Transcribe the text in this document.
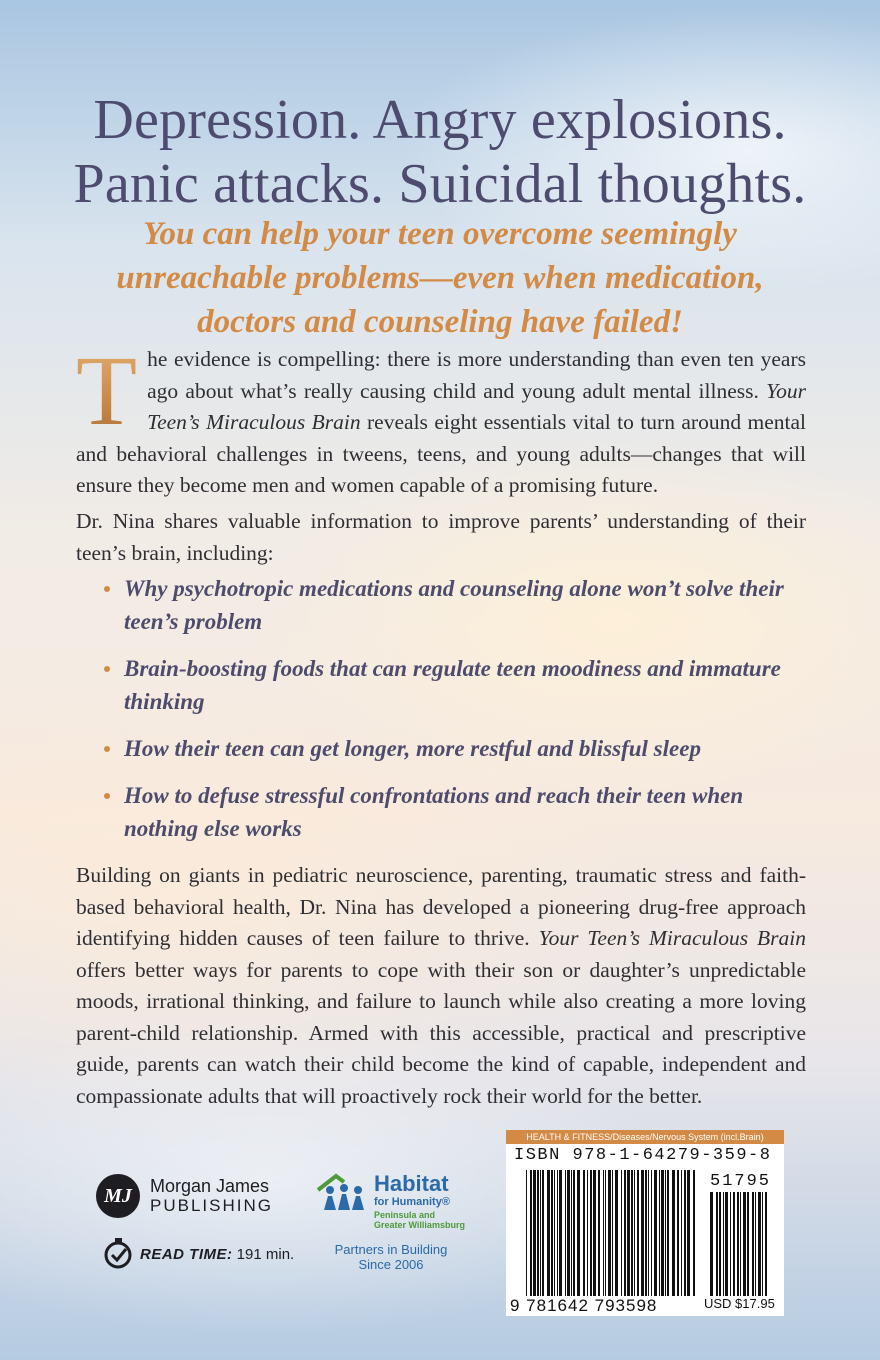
Depression. Angry explosions.
Panic attacks. Suicidal thoughts.
You can help your teen overcome seemingly
unreachable problems—even when medication,
doctors and counseling have failed!
T he evidence is compelling: there is more understanding than even ten years ago about what’s really causing child and young adult mental illness. Your Teen’s Miraculous Brain reveals eight essentials vital to turn around mental and behavioral challenges in tweens, teens, and young adults—changes that will ensure they become men and women capable of a promising future.
Dr. Nina shares valuable information to improve parents’ understanding of their teen’s brain, including:
Why psychotropic medications and counseling alone won’t solve their teen’s problem
Brain-boosting foods that can regulate teen moodiness and immature thinking
How their teen can get longer, more restful and blissful sleep
How to defuse stressful confrontations and reach their teen when nothing else works
Building on giants in pediatric neuroscience, parenting, traumatic stress and faith-based behavioral health, Dr. Nina has developed a pioneering drug-free approach identifying hidden causes of teen failure to thrive. Your Teen’s Miraculous Brain offers better ways for parents to cope with their son or daughter’s unpredictable moods, irrational thinking, and failure to launch while also creating a more loving parent-child relationship. Armed with this accessible, practical and prescriptive guide, parents can watch their child become the kind of capable, independent and compassionate adults that will proactively rock their world for the better.
MJ	Morgan James
PUBLISHING
READ TIME: 191 min.
Habitat
for Humanity®
Peninsula and
Greater Williamsburg
Partners in Building
Since 2006
HEALTH & FITNESS/Diseases/Nervous System (incl.Brain)
ISBN 978-1-64279-359-8
51795
9 781642 793598	USD $17.95
